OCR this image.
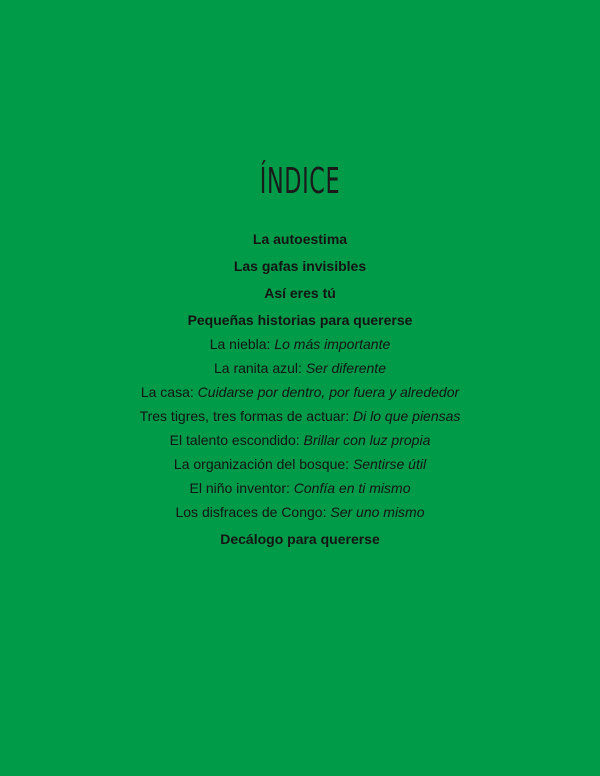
ÍNDICE
La autoestima
Las gafas invisibles
Así eres tú
Pequeñas historias para quererse
La niebla: Lo más importante
La ranita azul: Ser diferente
La casa: Cuidarse por dentro, por fuera y alrededor
Tres tigres, tres formas de actuar: Di lo que piensas
El talento escondido: Brillar con luz propia
La organización del bosque: Sentirse útil
El niño inventor: Confía en ti mismo
Los disfraces de Congo: Ser uno mismo
Decálogo para quererse
